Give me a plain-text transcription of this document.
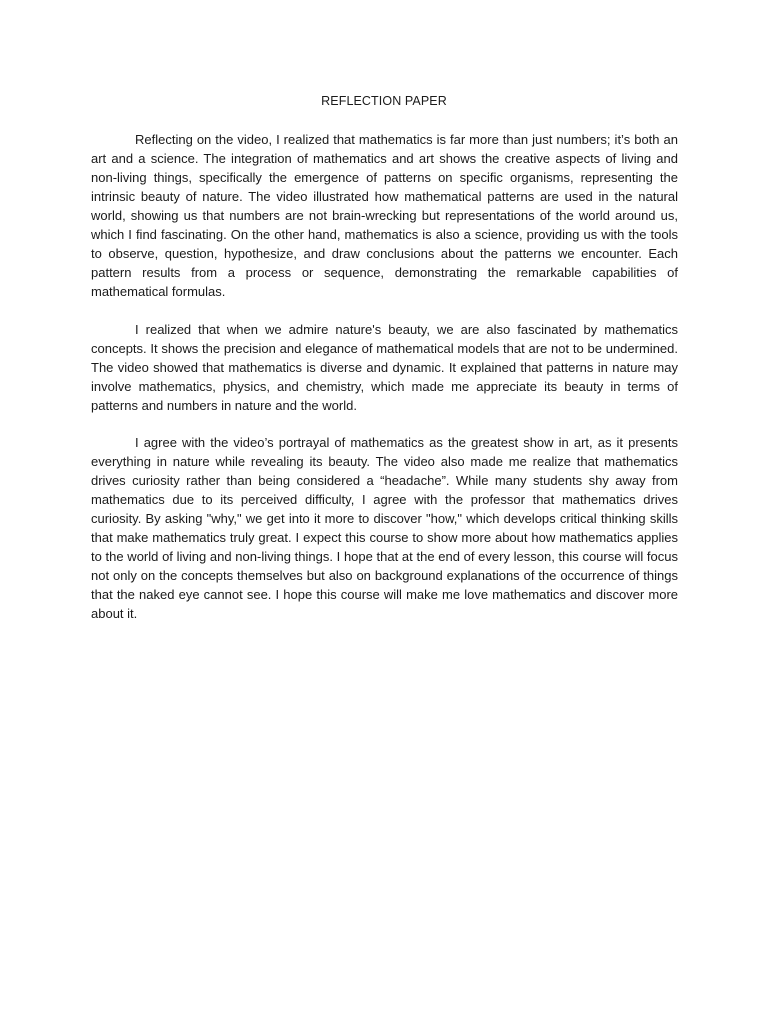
REFLECTION PAPER

Reflecting on the video, I realized that mathematics is far more than just numbers; it’s both an art and a science. The integration of mathematics and art shows the creative aspects of living and non-living things, specifically the emergence of patterns on specific organisms, representing the intrinsic beauty of nature. The video illustrated how mathematical patterns are used in the natural world, showing us that numbers are not brain-wrecking but representations of the world around us, which I find fascinating. On the other hand, mathematics is also a science, providing us with the tools to observe, question, hypothesize, and draw conclusions about the patterns we encounter. Each pattern results from a process or sequence, demonstrating the remarkable capabilities of mathematical formulas.

I realized that when we admire nature's beauty, we are also fascinated by mathematics concepts. It shows the precision and elegance of mathematical models that are not to be undermined. The video showed that mathematics is diverse and dynamic. It explained that patterns in nature may involve mathematics, physics, and chemistry, which made me appreciate its beauty in terms of patterns and numbers in nature and the world.

I agree with the video’s portrayal of mathematics as the greatest show in art, as it presents everything in nature while revealing its beauty. The video also made me realize that mathematics drives curiosity rather than being considered a “headache”. While many students shy away from mathematics due to its perceived difficulty, I agree with the professor that mathematics drives curiosity. By asking "why," we get into it more to discover "how," which develops critical thinking skills that make mathematics truly great. I expect this course to show more about how mathematics applies to the world of living and non-living things. I hope that at the end of every lesson, this course will focus not only on the concepts themselves but also on background explanations of the occurrence of things that the naked eye cannot see. I hope this course will make me love mathematics and discover more about it.
